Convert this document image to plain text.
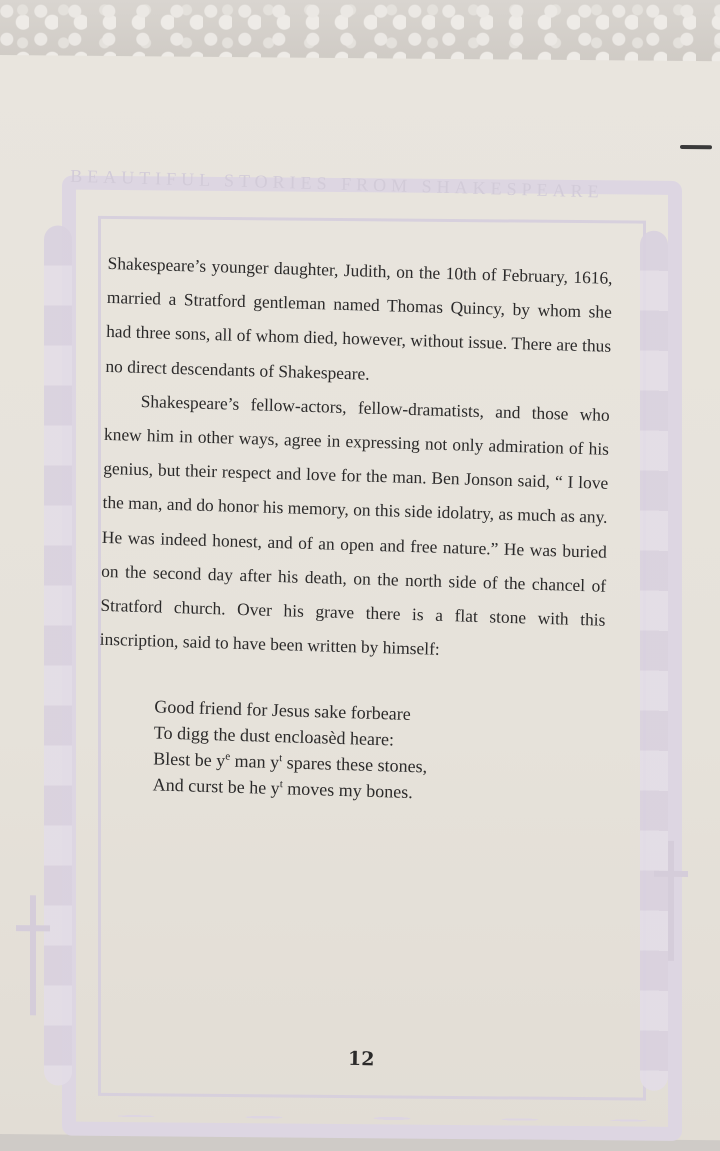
BEAUTIFUL STORIES FROM SHAKESPEARE

Shakespeare’s younger daughter, Judith, on the 10th of February, 1616, married a Stratford gentleman named Thomas Quincy, by whom she had three sons, all of whom died, however, without issue. There are thus no direct descendants of Shakespeare.

Shakespeare’s fellow-actors, fellow-dramatists, and those who knew him in other ways, agree in expressing not only admiration of his genius, but their respect and love for the man. Ben Jonson said, “ I love the man, and do honor his memory, on this side idolatry, as much as any. He was indeed honest, and of an open and free nature.” He was buried on the second day after his death, on the north side of the chancel of Stratford church. Over his grave there is a flat stone with this inscription, said to have been written by himself:

Good friend for Jesus sake forbeare
To digg the dust encloasèd heare:
Blest be $y^e$ man $y^t$ spares these stones,
And curst be he $y^t$ moves my bones.
12
